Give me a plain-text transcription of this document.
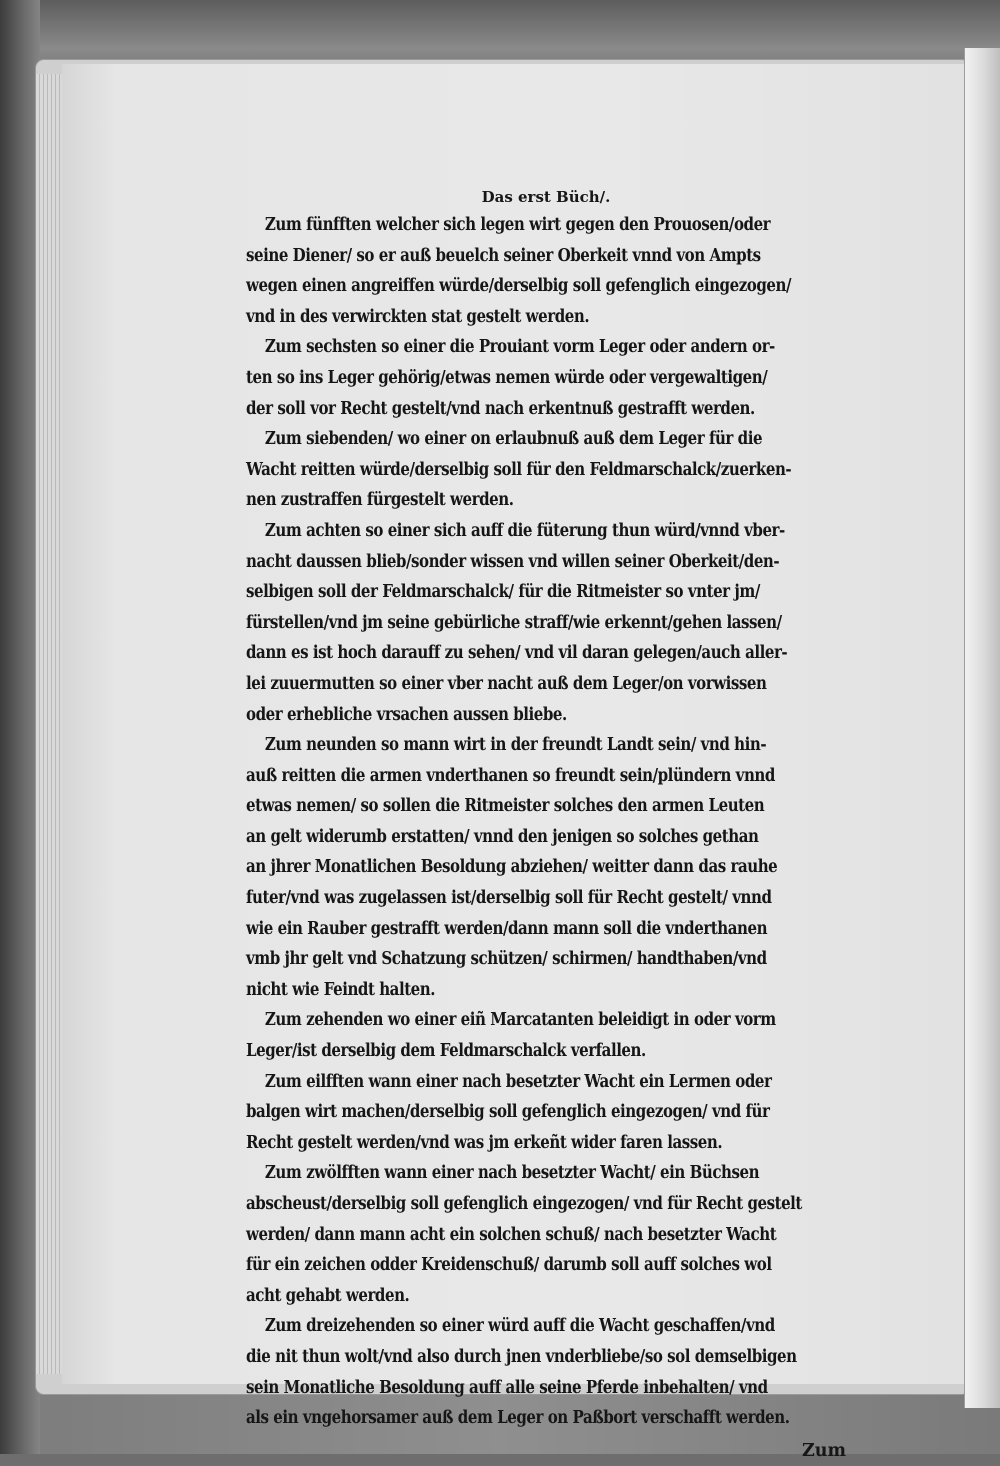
Das erst Büch/.
Zum fünfften welcher sich legen wirt gegen den Prouosen/oder
seine Diener/ so er auß beuelch seiner Oberkeit vnnd von Ampts
wegen einen angreiffen würde/derselbig soll gefenglich eingezogen/
vnd in des verwirckten stat gestelt werden.
Zum sechsten so einer die Prouiant vorm Leger oder andern or-
ten so ins Leger gehörig/etwas nemen würde oder vergewaltigen/
der soll vor Recht gestelt/vnd nach erkentnuß gestrafft werden.
Zum siebenden/ wo einer on erlaubnuß auß dem Leger für die
Wacht reitten würde/derselbig soll für den Feldmarschalck/zuerken-
nen zustraffen fürgestelt werden.
Zum achten so einer sich auff die füterung thun würd/vnnd vber-
nacht daussen blieb/sonder wissen vnd willen seiner Oberkeit/den-
selbigen soll der Feldmarschalck/ für die Ritmeister so vnter jm/
fürstellen/vnd jm seine gebürliche straff/wie erkennt/gehen lassen/
dann es ist hoch darauff zu sehen/ vnd vil daran gelegen/auch aller-
lei zuuermutten so einer vber nacht auß dem Leger/on vorwissen
oder erhebliche vrsachen aussen bliebe.
Zum neunden so mann wirt in der freundt Landt sein/ vnd hin-
auß reitten die armen vnderthanen so freundt sein/plündern vnnd
etwas nemen/ so sollen die Ritmeister solches den armen Leuten
an gelt widerumb erstatten/ vnnd den jenigen so solches gethan
an jhrer Monatlichen Besoldung abziehen/ weitter dann das rauhe
futer/vnd was zugelassen ist/derselbig soll für Recht gestelt/ vnnd
wie ein Rauber gestrafft werden/dann mann soll die vnderthanen
vmb jhr gelt vnd Schatzung schützen/ schirmen/ handthaben/vnd
nicht wie Feindt halten.
Zum zehenden wo einer eiñ Marcatanten beleidigt in oder vorm
Leger/ist derselbig dem Feldmarschalck verfallen.
Zum eilfften wann einer nach besetzter Wacht ein Lermen oder
balgen wirt machen/derselbig soll gefenglich eingezogen/ vnd für
Recht gestelt werden/vnd was jm erkeñt wider faren lassen.
Zum zwölfften wann einer nach besetzter Wacht/ ein Büchsen
abscheust/derselbig soll gefenglich eingezogen/ vnd für Recht gestelt
werden/ dann mann acht ein solchen schuß/ nach besetzter Wacht
für ein zeichen odder Kreidenschuß/ darumb soll auff solches wol
acht gehabt werden.
Zum dreizehenden so einer würd auff die Wacht geschaffen/vnd
die nit thun wolt/vnd also durch jnen vnderbliebe/so sol demselbigen
sein Monatliche Besoldung auff alle seine Pferde inbehalten/ vnd
als ein vngehorsamer auß dem Leger on Paßbort verschafft werden.
Zum
